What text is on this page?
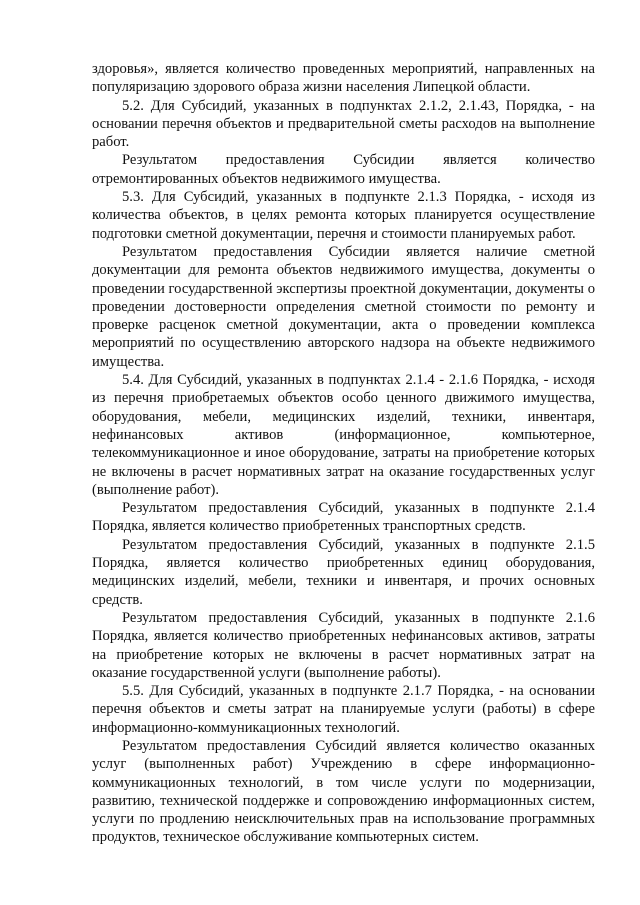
здоровья», является количество проведенных мероприятий, направленных на популяризацию здорового образа жизни населения Липецкой области.

5.2. Для Субсидий, указанных в подпунктах 2.1.2, 2.1.43, Порядка, - на основании перечня объектов и предварительной сметы расходов на выполнение работ.

Результатом предоставления Субсидии является количество отремонтированных объектов недвижимого имущества.

5.3. Для Субсидий, указанных в подпункте 2.1.3 Порядка, - исходя из количества объектов, в целях ремонта которых планируется осуществление подготовки сметной документации, перечня и стоимости планируемых работ.

Результатом предоставления Субсидии является наличие сметной документации для ремонта объектов недвижимого имущества, документы о проведении государственной экспертизы проектной документации, документы о проведении достоверности определения сметной стоимости по ремонту и проверке расценок сметной документации, акта о проведении комплекса мероприятий по осуществлению авторского надзора на объекте недвижимого имущества.

5.4. Для Субсидий, указанных в подпунктах 2.1.4 - 2.1.6 Порядка, - исходя из перечня приобретаемых объектов особо ценного движимого имущества, оборудования, мебели, медицинских изделий, техники, инвентаря, нефинансовых активов (информационное, компьютерное, телекоммуникационное и иное оборудование, затраты на приобретение которых не включены в расчет нормативных затрат на оказание государственных услуг (выполнение работ).

Результатом предоставления Субсидий, указанных в подпункте 2.1.4 Порядка, является количество приобретенных транспортных средств.

Результатом предоставления Субсидий, указанных в подпункте 2.1.5 Порядка, является количество приобретенных единиц оборудования, медицинских изделий, мебели, техники и инвентаря, и прочих основных средств.

Результатом предоставления Субсидий, указанных в подпункте 2.1.6 Порядка, является количество приобретенных нефинансовых активов, затраты на приобретение которых не включены в расчет нормативных затрат на оказание государственной услуги (выполнение работы).

5.5. Для Субсидий, указанных в подпункте 2.1.7 Порядка, - на основании перечня объектов и сметы затрат на планируемые услуги (работы) в сфере информационно-коммуникационных технологий.

Результатом предоставления Субсидий является количество оказанных услуг (выполненных работ) Учреждению в сфере информационно-коммуникационных технологий, в том числе услуги по модернизации, развитию, технической поддержке и сопровождению информационных систем, услуги по продлению неисключительных прав на использование программных продуктов, техническое обслуживание компьютерных систем.
